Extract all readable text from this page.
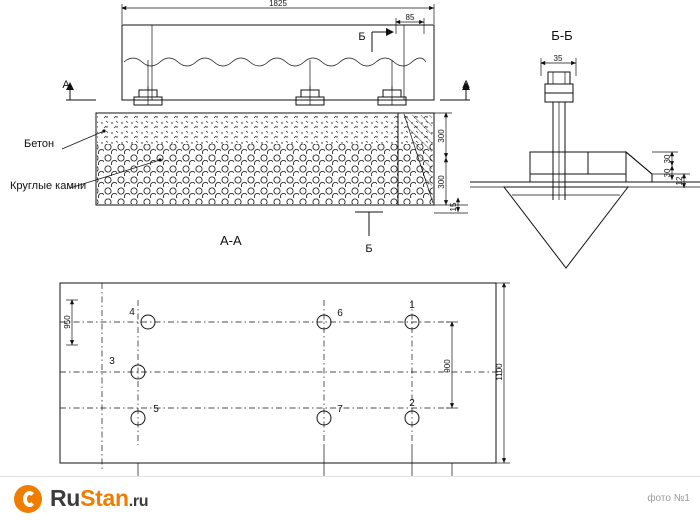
1825
85
Б
А	А
300
300
15
Бетон
Круглые камни
А-А
Б
Б-Б
35
30
30
12
4	6
1
3
5	7
2
950
900	1100
RuStan.ru	фото №1
